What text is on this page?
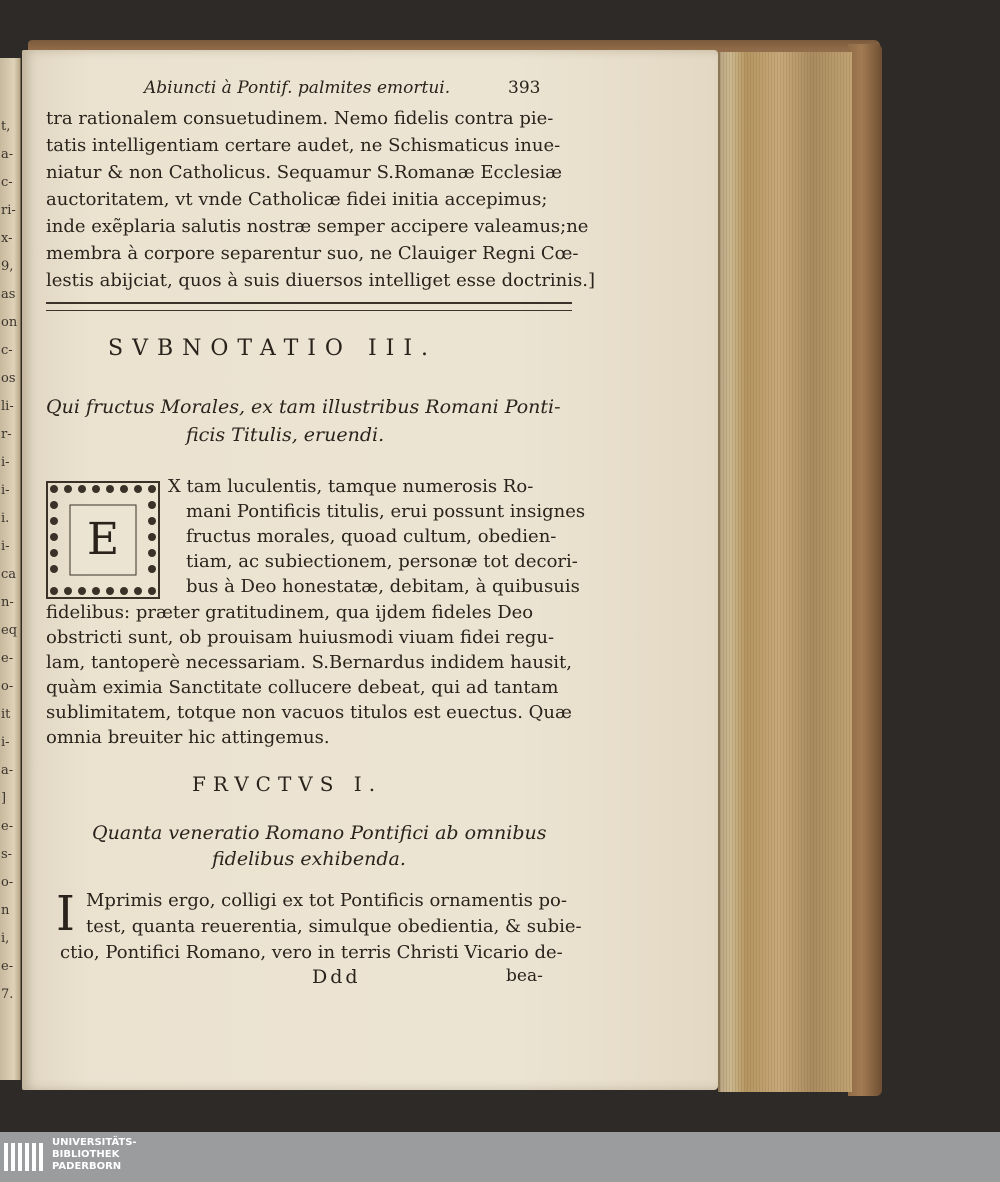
t,
a-
c-
ri-
x-
9,
as
on
c-
os
li-
r-
i-
i-
i.
i-
ca
n-
eq
e-
o-
it
i-
a-
]
e-
s-
o-
n
i,
e-
7.
Abiuncti à Pontif. palmites emortui.	393
tra rationalem consuetudinem. Nemo fidelis contra pie-
tatis intelligentiam certare audet, ne Schismaticus inue-
niatur & non Catholicus. Sequamur S.Romanæ Ecclesiæ
auctoritatem, vt vnde Catholicæ fidei initia accepimus;
inde exẽplaria salutis nostræ semper accipere valeamus;ne
membra à corpore separentur suo, ne Clauiger Regni Cœ-
lestis abijciat, quos à suis diuersos intelliget esse doctrinis.]
SVBNOTATIO III.
Qui fructus Morales, ex tam illustribus Romani Ponti-
ficis Titulis, eruendi.
E
X tam luculentis, tamque numerosis Ro-
mani Pontificis titulis, erui possunt insignes
fructus morales, quoad cultum, obedien-
tiam, ac subiectionem, personæ tot decori-
bus à Deo honestatæ, debitam, à quibusuis
fidelibus: præter gratitudinem, qua ijdem fideles Deo
obstricti sunt, ob prouisam huiusmodi viuam fidei regu-
lam, tantoperè necessariam. S.Bernardus indidem hausit,
quàm eximia Sanctitate collucere debeat, qui ad tantam
sublimitatem, totque non vacuos titulos est euectus. Quæ
omnia breuiter hic attingemus.
FRVCTVS I.
Quanta veneratio Romano Pontifici ab omnibus
fidelibus exhibenda.
I Mprimis ergo, colligi ex tot Pontificis ornamentis po-
test, quanta reuerentia, simulque obedientia, & subie-
ctio, Pontifici Romano, vero in terris Christi Vicario de-
Ddd	bea-
UNIVERSITÄTS-
BIBLIOTHEK
PADERBORN
